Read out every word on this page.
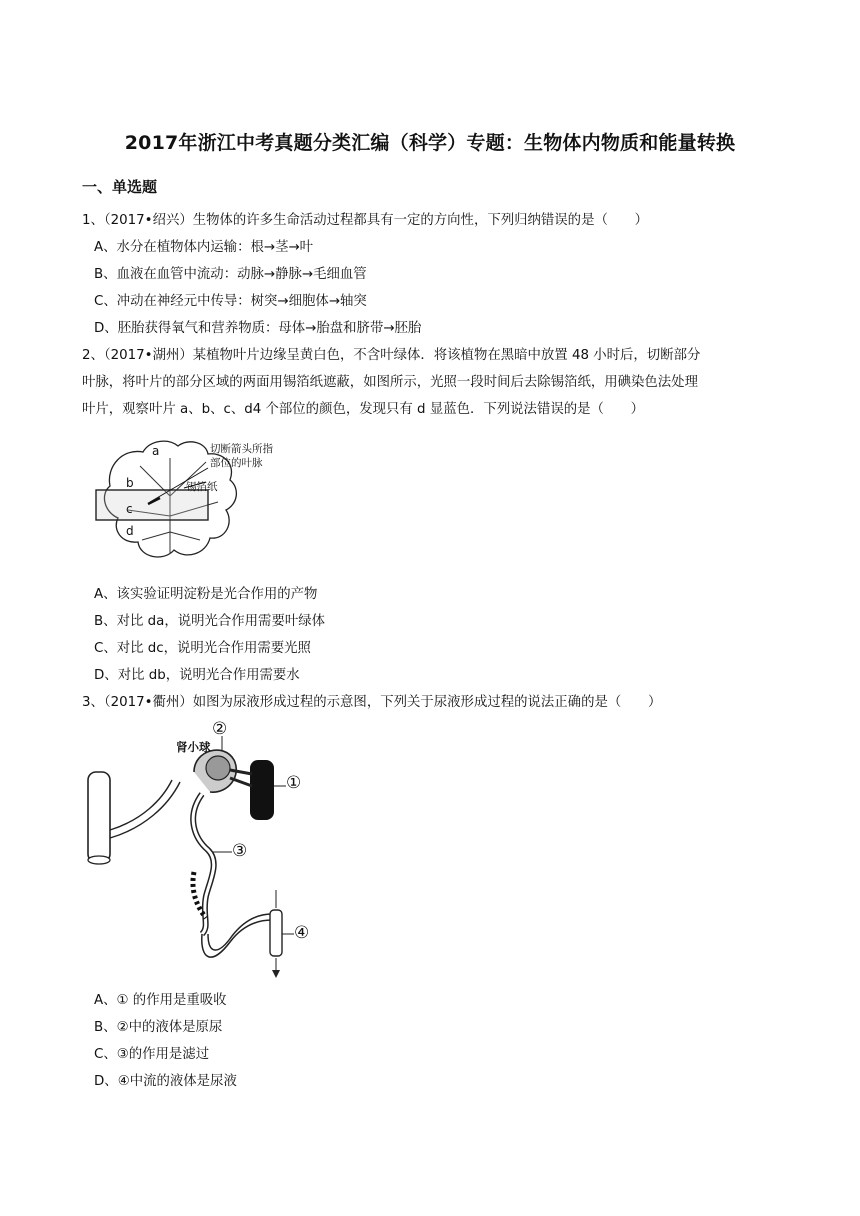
2017年浙江中考真题分类汇编（科学）专题：生物体内物质和能量转换
一、单选题
1、（2017•绍兴）生物体的许多生命活动过程都具有一定的方向性，下列归纳错误的是（　　）
A、水分在植物体内运输：根→茎→叶
B、血液在血管中流动：动脉→静脉→毛细血管
C、冲动在神经元中传导：树突→细胞体→轴突
D、胚胎获得氧气和营养物质：母体→胎盘和脐带→胚胎
2、（2017•湖州）某植物叶片边缘呈黄白色，不含叶绿体．将该植物在黑暗中放置 48 小时后，切断部分
叶脉，将叶片的部分区域的两面用锡箔纸遮蔽，如图所示，光照一段时间后去除锡箔纸，用碘染色法处理
叶片，观察叶片 a、b、c、d4 个部位的颜色，发现只有 d 显蓝色．下列说法错误的是（　　）
b
a
c
d
切断箭头所指
部位的叶脉
锡箔纸
A、该实验证明淀粉是光合作用的产物
B、对比 da，说明光合作用需要叶绿体
C、对比 dc，说明光合作用需要光照
D、对比 db，说明光合作用需要水
3、（2017•衢州）如图为尿液形成过程的示意图，下列关于尿液形成过程的说法正确的是（　　）
肾小球
①
②
③
④
A、① 的作用是重吸收
B、②中的液体是原尿
C、③的作用是滤过
D、④中流的液体是尿液
